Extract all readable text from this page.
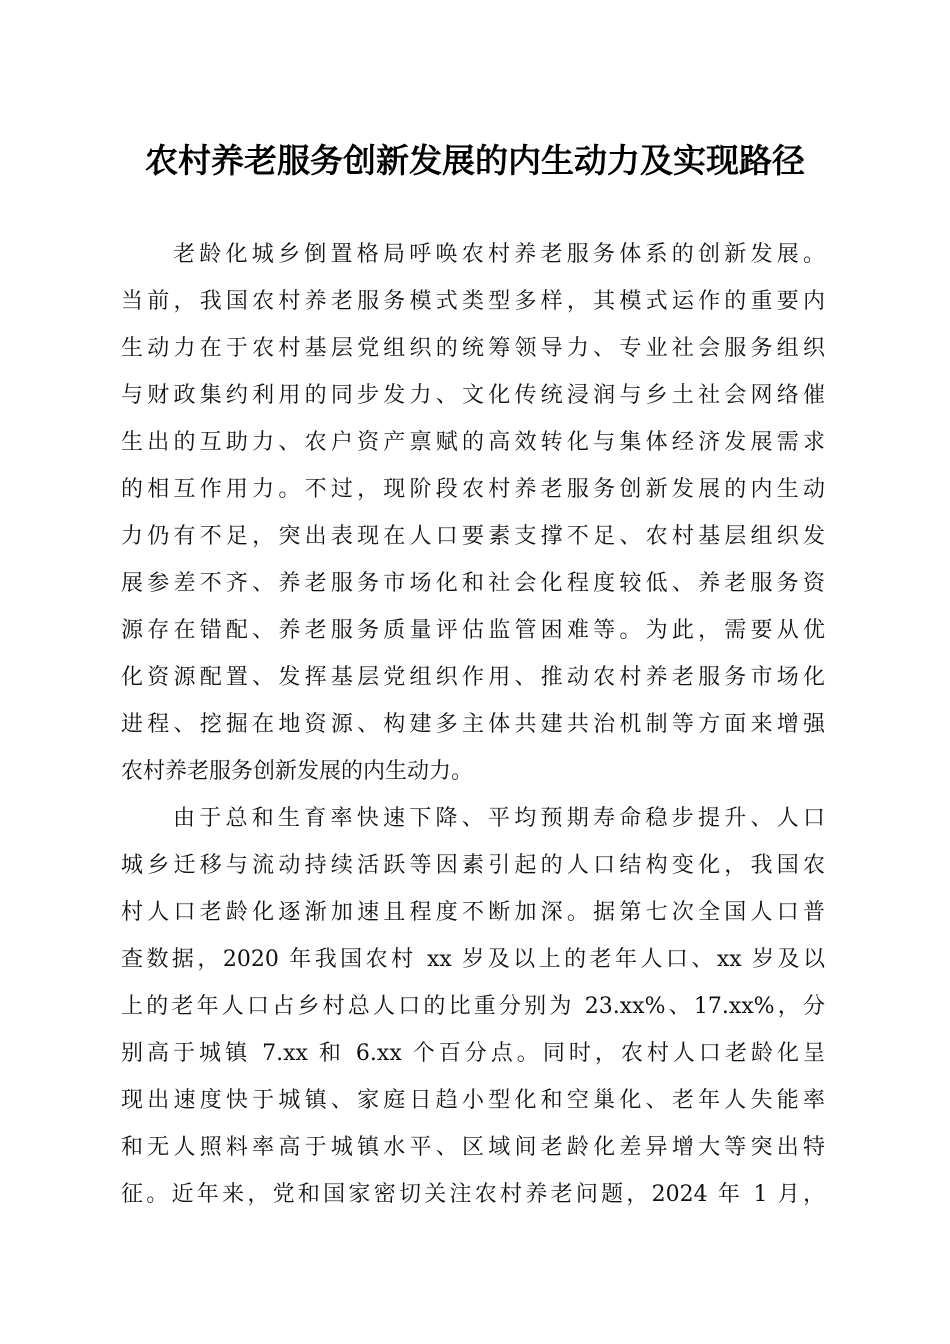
农村养老服务创新发展的内生动力及实现路径
老龄化城乡倒置格局呼唤农村养老服务体系的创新发展。
当前，我国农村养老服务模式类型多样，其模式运作的重要内
生动力在于农村基层党组织的统筹领导力、专业社会服务组织
与财政集约利用的同步发力、文化传统浸润与乡土社会网络催
生出的互助力、农户资产禀赋的高效转化与集体经济发展需求
的相互作用力。不过，现阶段农村养老服务创新发展的内生动
力仍有不足，突出表现在人口要素支撑不足、农村基层组织发
展参差不齐、养老服务市场化和社会化程度较低、养老服务资
源存在错配、养老服务质量评估监管困难等。为此，需要从优
化资源配置、发挥基层党组织作用、推动农村养老服务市场化
进程、挖掘在地资源、构建多主体共建共治机制等方面来增强
农村养老服务创新发展的内生动力。
由于总和生育率快速下降、平均预期寿命稳步提升、人口
城乡迁移与流动持续活跃等因素引起的人口结构变化，我国农
村人口老龄化逐渐加速且程度不断加深。据第七次全国人口普
查数据，2020 年我国农村 xx 岁及以上的老年人口、xx 岁及以
上的老年人口占乡村总人口的比重分别为 23.xx%、17.xx%，分
别高于城镇 7.xx 和 6.xx 个百分点。同时，农村人口老龄化呈
现出速度快于城镇、家庭日趋小型化和空巢化、老年人失能率
和无人照料率高于城镇水平、区域间老龄化差异增大等突出特
征。近年来，党和国家密切关注农村养老问题，2024 年 1 月，
